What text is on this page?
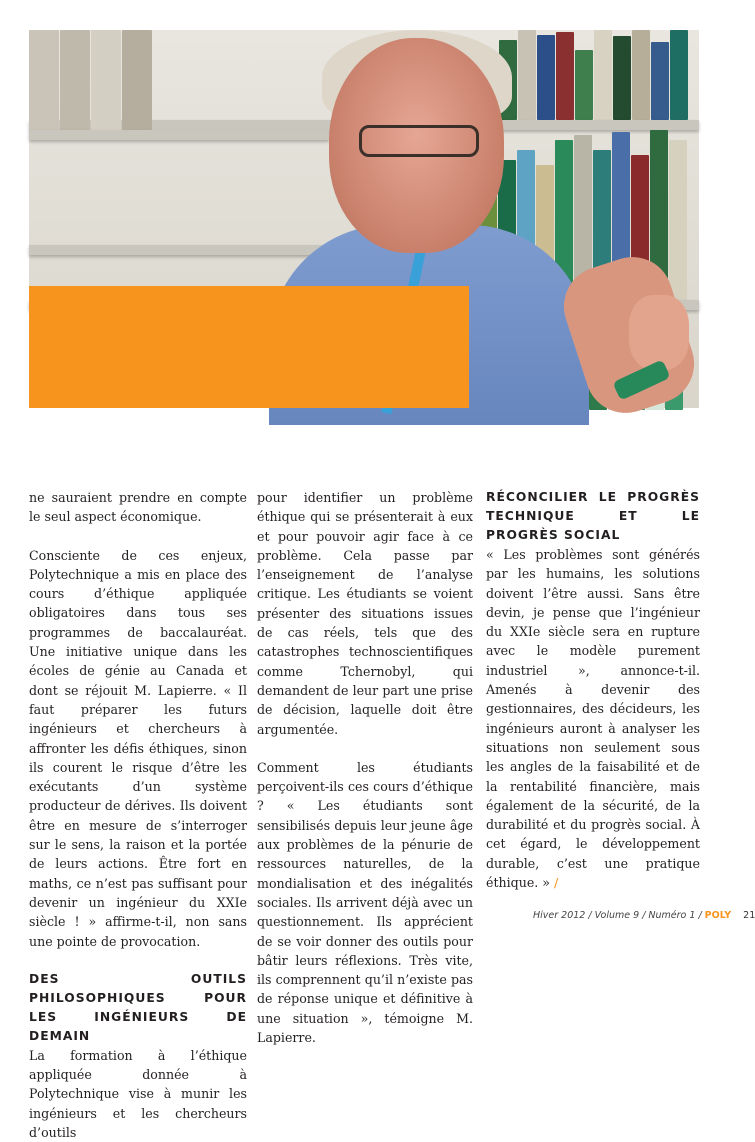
ne sauraient prendre en compte le seul aspect économique.

Consciente de ces enjeux, Polytechnique a mis en place des cours d’éthique appliquée obligatoires dans tous ses programmes de baccalauréat. Une initiative unique dans les écoles de génie au Canada et dont se réjouit M. Lapierre. « Il faut préparer les futurs ingénieurs et chercheurs à affronter les défis éthiques, sinon ils courent le risque d’être les exécutants d’un système producteur de dérives. Ils doivent être en mesure de s’interroger sur le sens, la raison et la portée de leurs actions. Être fort en maths, ce n’est pas suffisant pour devenir un ingénieur du XXIe siècle ! » affirme-t-il, non sans une pointe de provocation.

DES OUTILS PHILOSOPHIQUES POUR LES INGÉNIEURS DE DEMAIN

La formation à l’éthique appliquée donnée à Polytechnique vise à munir les ingénieurs et les chercheurs d’outils

pour identifier un problème éthique qui se présenterait à eux et pour pouvoir agir face à ce problème. Cela passe par l’enseignement de l’analyse critique. Les étudiants se voient présenter des situations issues de cas réels, tels que des catastrophes technoscientifiques comme Tchernobyl, qui demandent de leur part une prise de décision, laquelle doit être argumentée.

Comment les étudiants perçoivent-ils ces cours d’éthique ? « Les étudiants sont sensibilisés depuis leur jeune âge aux problèmes de la pénurie de ressources naturelles, de la mondialisation et des inégalités sociales. Ils arrivent déjà avec un questionnement. Ils apprécient de se voir donner des outils pour bâtir leurs réflexions. Très vite, ils comprennent qu’il n’existe pas de réponse unique et définitive à une situation », témoigne M. Lapierre.

RÉCONCILIER LE PROGRÈS TECHNIQUE ET LE PROGRÈS SOCIAL

« Les problèmes sont générés par les humains, les solutions doivent l’être aussi. Sans être devin, je pense que l’ingénieur du XXIe siècle sera en rupture avec le modèle purement industriel », annonce-t-il. Amenés à devenir des gestionnaires, des décideurs, les ingénieurs auront à analyser les situations non seulement sous les angles de la faisabilité et de la rentabilité financière, mais également de la sécurité, de la durabilité et du progrès social. À cet égard, le développement durable, c’est une pratique éthique. » /

Hiver 2012 / Volume 9 / Numéro 1 / POLY 21
